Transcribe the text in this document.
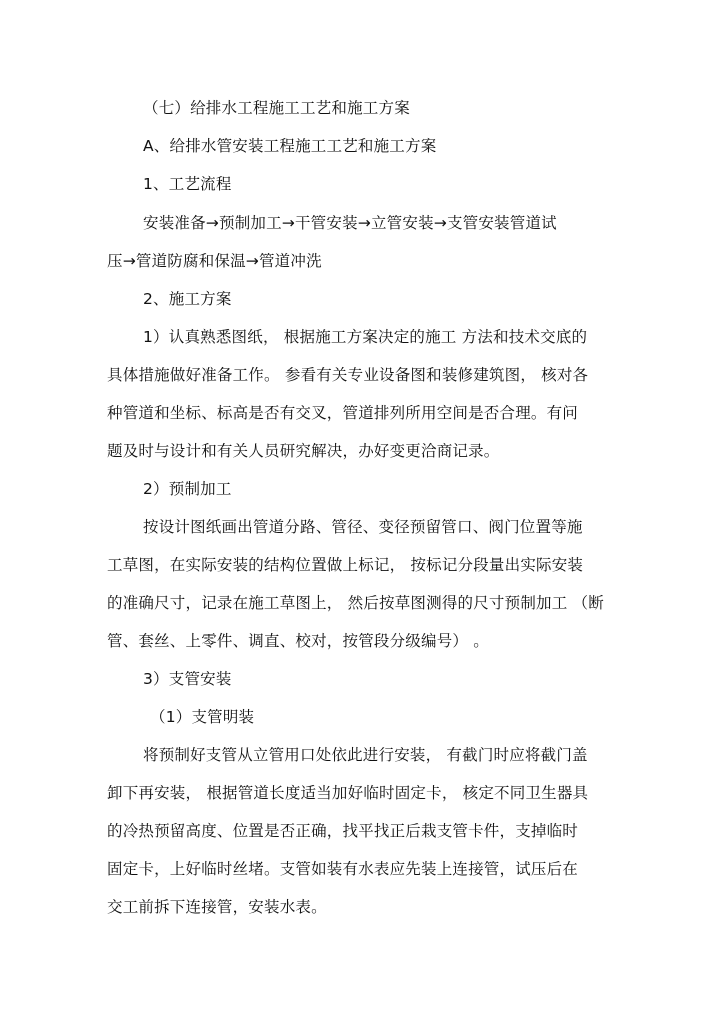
（七）给排水工程施工工艺和施工方案
A、给排水管安装工程施工工艺和施工方案
1、工艺流程
安装准备→预制加工→干管安装→立管安装→支管安装管道试
压→管道防腐和保温→管道冲洗
2、施工方案
1）认真熟悉图纸， 根据施工方案决定的施工 方法和技术交底的
具体措施做好准备工作。 参看有关专业设备图和装修建筑图， 核对各
种管道和坐标、标高是否有交叉，管道排列所用空间是否合理。有问
题及时与设计和有关人员研究解决，办好变更洽商记录。
2）预制加工
按设计图纸画出管道分路、管径、变径预留管口、阀门位置等施
工草图，在实际安装的结构位置做上标记， 按标记分段量出实际安装
的准确尺寸，记录在施工草图上， 然后按草图测得的尺寸预制加工 （断
管、套丝、上零件、调直、校对，按管段分级编号） 。
3）支管安装
（1）支管明装
将预制好支管从立管用口处依此进行安装， 有截门时应将截门盖
卸下再安装， 根据管道长度适当加好临时固定卡， 核定不同卫生器具
的冷热预留高度、位置是否正确，找平找正后栽支管卡件，支掉临时
固定卡，上好临时丝堵。支管如装有水表应先装上连接管，试压后在
交工前拆下连接管，安装水表。
